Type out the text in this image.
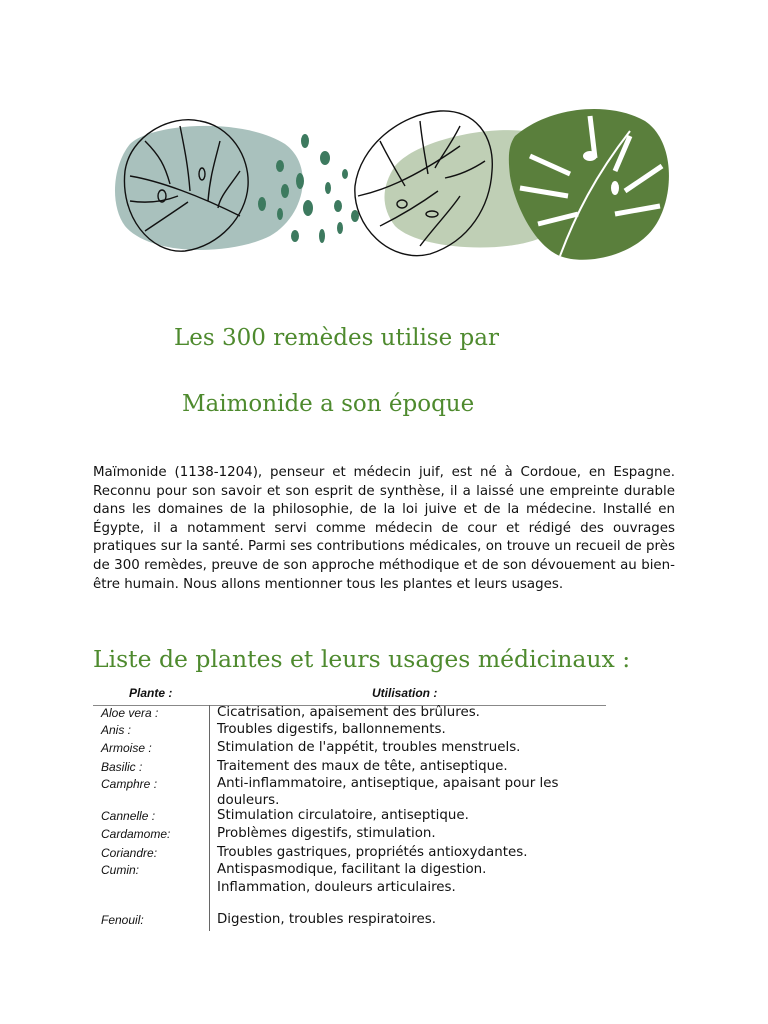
Les 300 remèdes utilise par
Maimonide a son époque

Maïmonide (1138-1204), penseur et médecin juif, est né à Cordoue, en Espagne. Reconnu pour son savoir et son esprit de synthèse, il a laissé une empreinte durable dans les domaines de la philosophie, de la loi juive et de la médecine. Installé en Égypte, il a notamment servi comme médecin de cour et rédigé des ouvrages pratiques sur la santé. Parmi ses contributions médicales, on trouve un recueil de près de 300 remèdes, preuve de son approche méthodique et de son dévouement au bien-être humain. Nous allons mentionner tous les plantes et leurs usages.

Liste de plantes et leurs usages médicinaux :
Plante :	Utilisation :
Aloe vera :	Cicatrisation, apaisement des brûlures.
Anis :	Troubles digestifs, ballonnements.
Armoise :	Stimulation de l'appétit, troubles menstruels.
Basilic :	Traitement des maux de tête, antiseptique.
Camphre :	Anti-inflammatoire, antiseptique, apaisant pour les douleurs.
Cannelle :	Stimulation circulatoire, antiseptique.
Cardamome:	Problèmes digestifs, stimulation.
Coriandre:	Troubles gastriques, propriétés antioxydantes.
Cumin:	Antispasmodique, facilitant la digestion.
Inflammation, douleurs articulaires.
Fenouil:	Digestion, troubles respiratoires.
